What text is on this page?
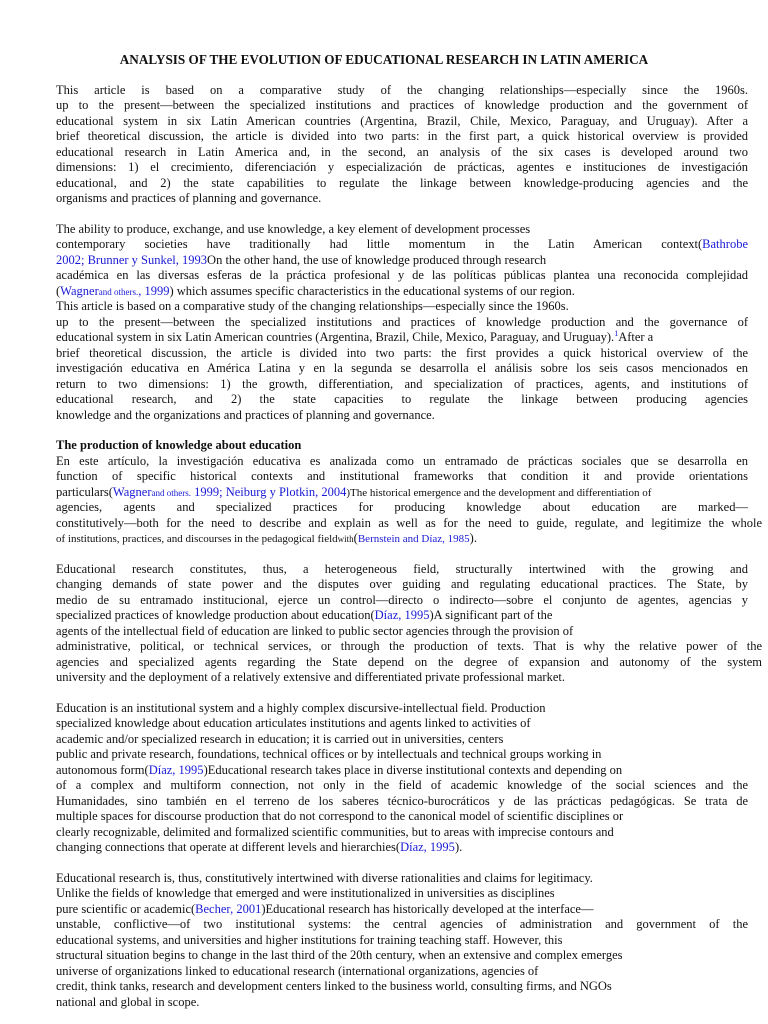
ANALYSIS OF THE EVOLUTION OF EDUCATIONAL RESEARCH IN LATIN AMERICA

This article is based on a comparative study of the changing relationships—especially since the 1960s.

up to the present—between the specialized institutions and practices of knowledge production and the government of

educational system in six Latin American countries (Argentina, Brazil, Chile, Mexico, Paraguay, and Uruguay). After a

brief theoretical discussion, the article is divided into two parts: in the first part, a quick historical overview is provided

educational research in Latin America and, in the second, an analysis of the six cases is developed around two

dimensions: 1) el crecimiento, diferenciación y especialización de prácticas, agentes e instituciones de investigación

educational, and 2) the state capabilities to regulate the linkage between knowledge-producing agencies and the

organisms and practices of planning and governance.

The ability to produce, exchange, and use knowledge, a key element of development processes

contemporary societies have traditionally had little momentum in the Latin American context(Bathrobe

2002; Brunner y Sunkel, 1993On the other hand, the use of knowledge produced through research

académica en las diversas esferas de la práctica profesional y de las políticas públicas plantea una reconocida complejidad

(Wagnerand others., 1999) which assumes specific characteristics in the educational systems of our region.

This article is based on a comparative study of the changing relationships—especially since the 1960s.

up to the present—between the specialized institutions and practices of knowledge production and the governance of

educational system in six Latin American countries (Argentina, Brazil, Chile, Mexico, Paraguay, and Uruguay).$^1$After a

brief theoretical discussion, the article is divided into two parts: the first provides a quick historical overview of the

investigación educativa en América Latina y en la segunda se desarrolla el análisis sobre los seis casos mencionados en

return to two dimensions: 1) the growth, differentiation, and specialization of practices, agents, and institutions of

educational research, and 2) the state capacities to regulate the linkage between producing agencies

knowledge and the organizations and practices of planning and governance.

The production of knowledge about education

En este artículo, la investigación educativa es analizada como un entramado de prácticas sociales que se desarrolla en

function of specific historical contexts and institutional frameworks that condition it and provide orientations

particulars(Wagnerand others. 1999; Neiburg y Plotkin, 2004)The historical emergence and the development and differentiation of

agencies, agents and specialized practices for producing knowledge about education are marked—

constitutively—both for the need to describe and explain as well as for the need to guide, regulate, and legitimize the whole

of institutions, practices, and discourses in the pedagogical fieldwith(Bernstein and Díaz, 1985).

Educational research constitutes, thus, a heterogeneous field, structurally intertwined with the growing and

changing demands of state power and the disputes over guiding and regulating educational practices. The State, by

medio de su entramado institucional, ejerce un control—directo o indirecto—sobre el conjunto de agentes, agencias y

specialized practices of knowledge production about education(Díaz, 1995)A significant part of the

agents of the intellectual field of education are linked to public sector agencies through the provision of

administrative, political, or technical services, or through the production of texts. That is why the relative power of the

agencies and specialized agents regarding the State depend on the degree of expansion and autonomy of the system

university and the deployment of a relatively extensive and differentiated private professional market.

Education is an institutional system and a highly complex discursive-intellectual field. Production

specialized knowledge about education articulates institutions and agents linked to activities of

academic and/or specialized research in education; it is carried out in universities, centers

public and private research, foundations, technical offices or by intellectuals and technical groups working in

autonomous form(Díaz, 1995)Educational research takes place in diverse institutional contexts and depending on

of a complex and multiform connection, not only in the field of academic knowledge of the social sciences and the

Humanidades, sino también en el terreno de los saberes técnico-burocráticos y de las prácticas pedagógicas. Se trata de

multiple spaces for discourse production that do not correspond to the canonical model of scientific disciplines or

clearly recognizable, delimited and formalized scientific communities, but to areas with imprecise contours and

changing connections that operate at different levels and hierarchies(Díaz, 1995).

Educational research is, thus, constitutively intertwined with diverse rationalities and claims for legitimacy.

Unlike the fields of knowledge that emerged and were institutionalized in universities as disciplines

pure scientific or academic(Becher, 2001)Educational research has historically developed at the interface—

unstable, conflictive—of two institutional systems: the central agencies of administration and government of the

educational systems, and universities and higher institutions for training teaching staff. However, this

structural situation begins to change in the last third of the 20th century, when an extensive and complex emerges

universe of organizations linked to educational research (international organizations, agencies of

credit, think tanks, research and development centers linked to the business world, consulting firms, and NGOs

national and global in scope.
